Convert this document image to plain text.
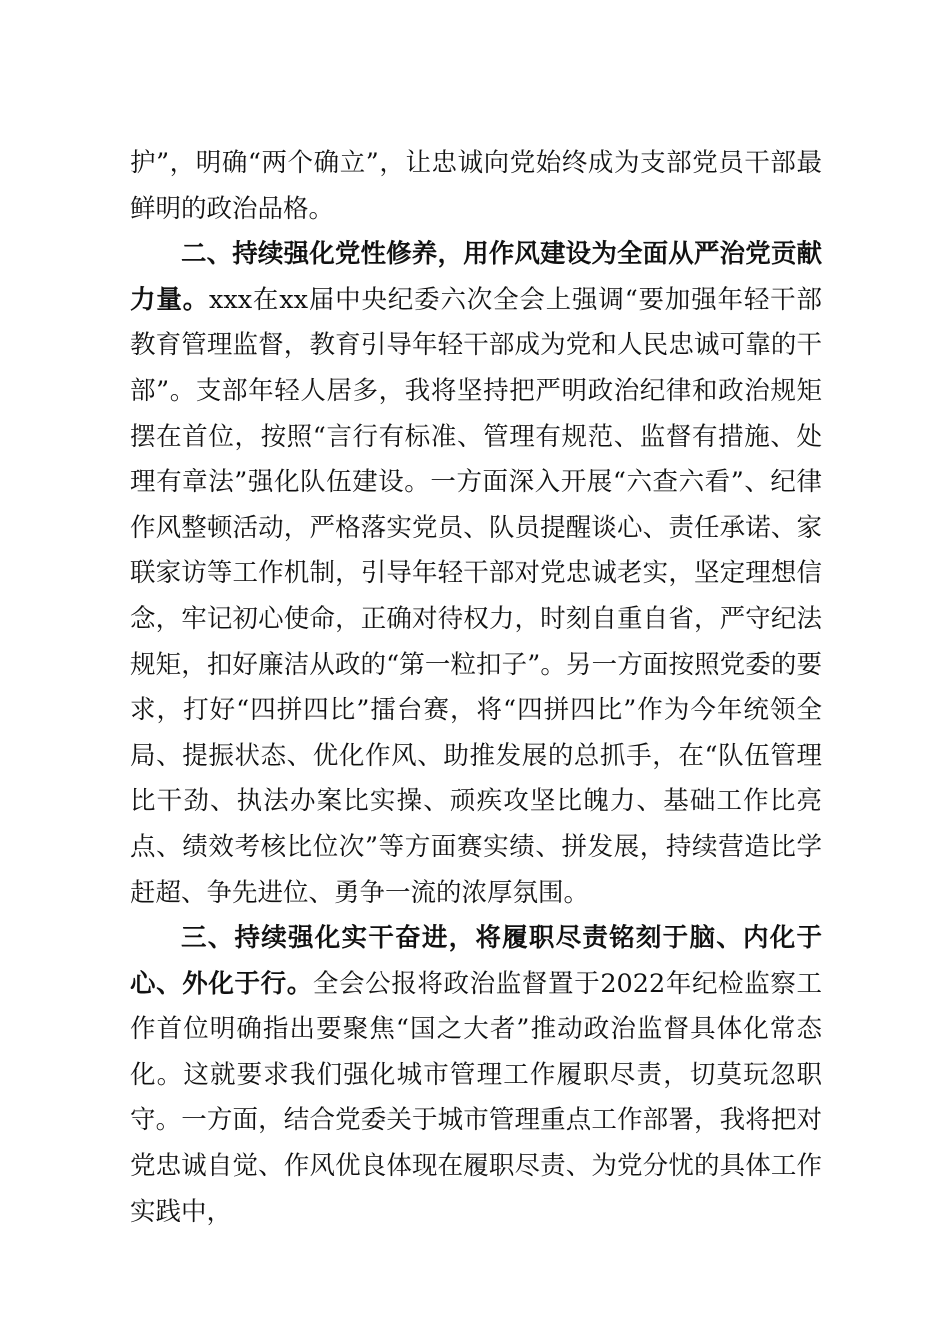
护”，明确“两个确立”，让忠诚向党始终成为支部党员干部最鲜明的政治品格。

二、持续强化党性修养，用作风建设为全面从严治党贡献力量。xxx在xx届中央纪委六次全会上强调“要加强年轻干部教育管理监督，教育引导年轻干部成为党和人民忠诚可靠的干部”。支部年轻人居多，我将坚持把严明政治纪律和政治规矩摆在首位，按照“言行有标准、管理有规范、监督有措施、处理有章法”强化队伍建设。一方面深入开展“六查六看”、纪律作风整顿活动，严格落实党员、队员提醒谈心、责任承诺、家联家访等工作机制，引导年轻干部对党忠诚老实，坚定理想信念，牢记初心使命，正确对待权力，时刻自重自省，严守纪法规矩，扣好廉洁从政的“第一粒扣子”。另一方面按照党委的要求，打好“四拼四比”擂台赛，将“四拼四比”作为今年统领全局、提振状态、优化作风、助推发展的总抓手，在“队伍管理比干劲、执法办案比实操、顽疾攻坚比魄力、基础工作比亮点、绩效考核比位次”等方面赛实绩、拼发展，持续营造比学赶超、争先进位、勇争一流的浓厚氛围。

三、持续强化实干奋进，将履职尽责铭刻于脑、内化于心、外化于行。全会公报将政治监督置于2022年纪检监察工作首位明确指出要聚焦“国之大者”推动政治监督具体化常态化。这就要求我们强化城市管理工作履职尽责，切莫玩忽职守。一方面，结合党委关于城市管理重点工作部署，我将把对党忠诚自觉、作风优良体现在履职尽责、为党分忧的具体工作实践中，
